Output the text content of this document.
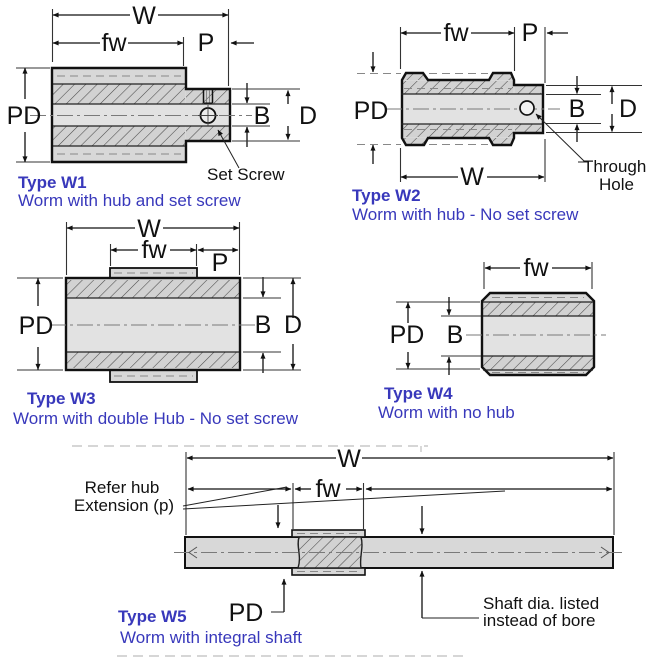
W
fw	P
PD	B D
Set Screw
Type W1
Worm with hub and set screw
fw P
PD	B D
W	Through
Hole
Type W2
Worm with hub - No set screw
W
fw P
PD	B D
Type W3
Worm with double Hub - No set screw
fw
PD B
Type W4
Worm with no hub
W
fw
Refer hub
Extension (p)
PD	Shaft dia. listed
instead of bore
Type W5
Worm with integral shaft
